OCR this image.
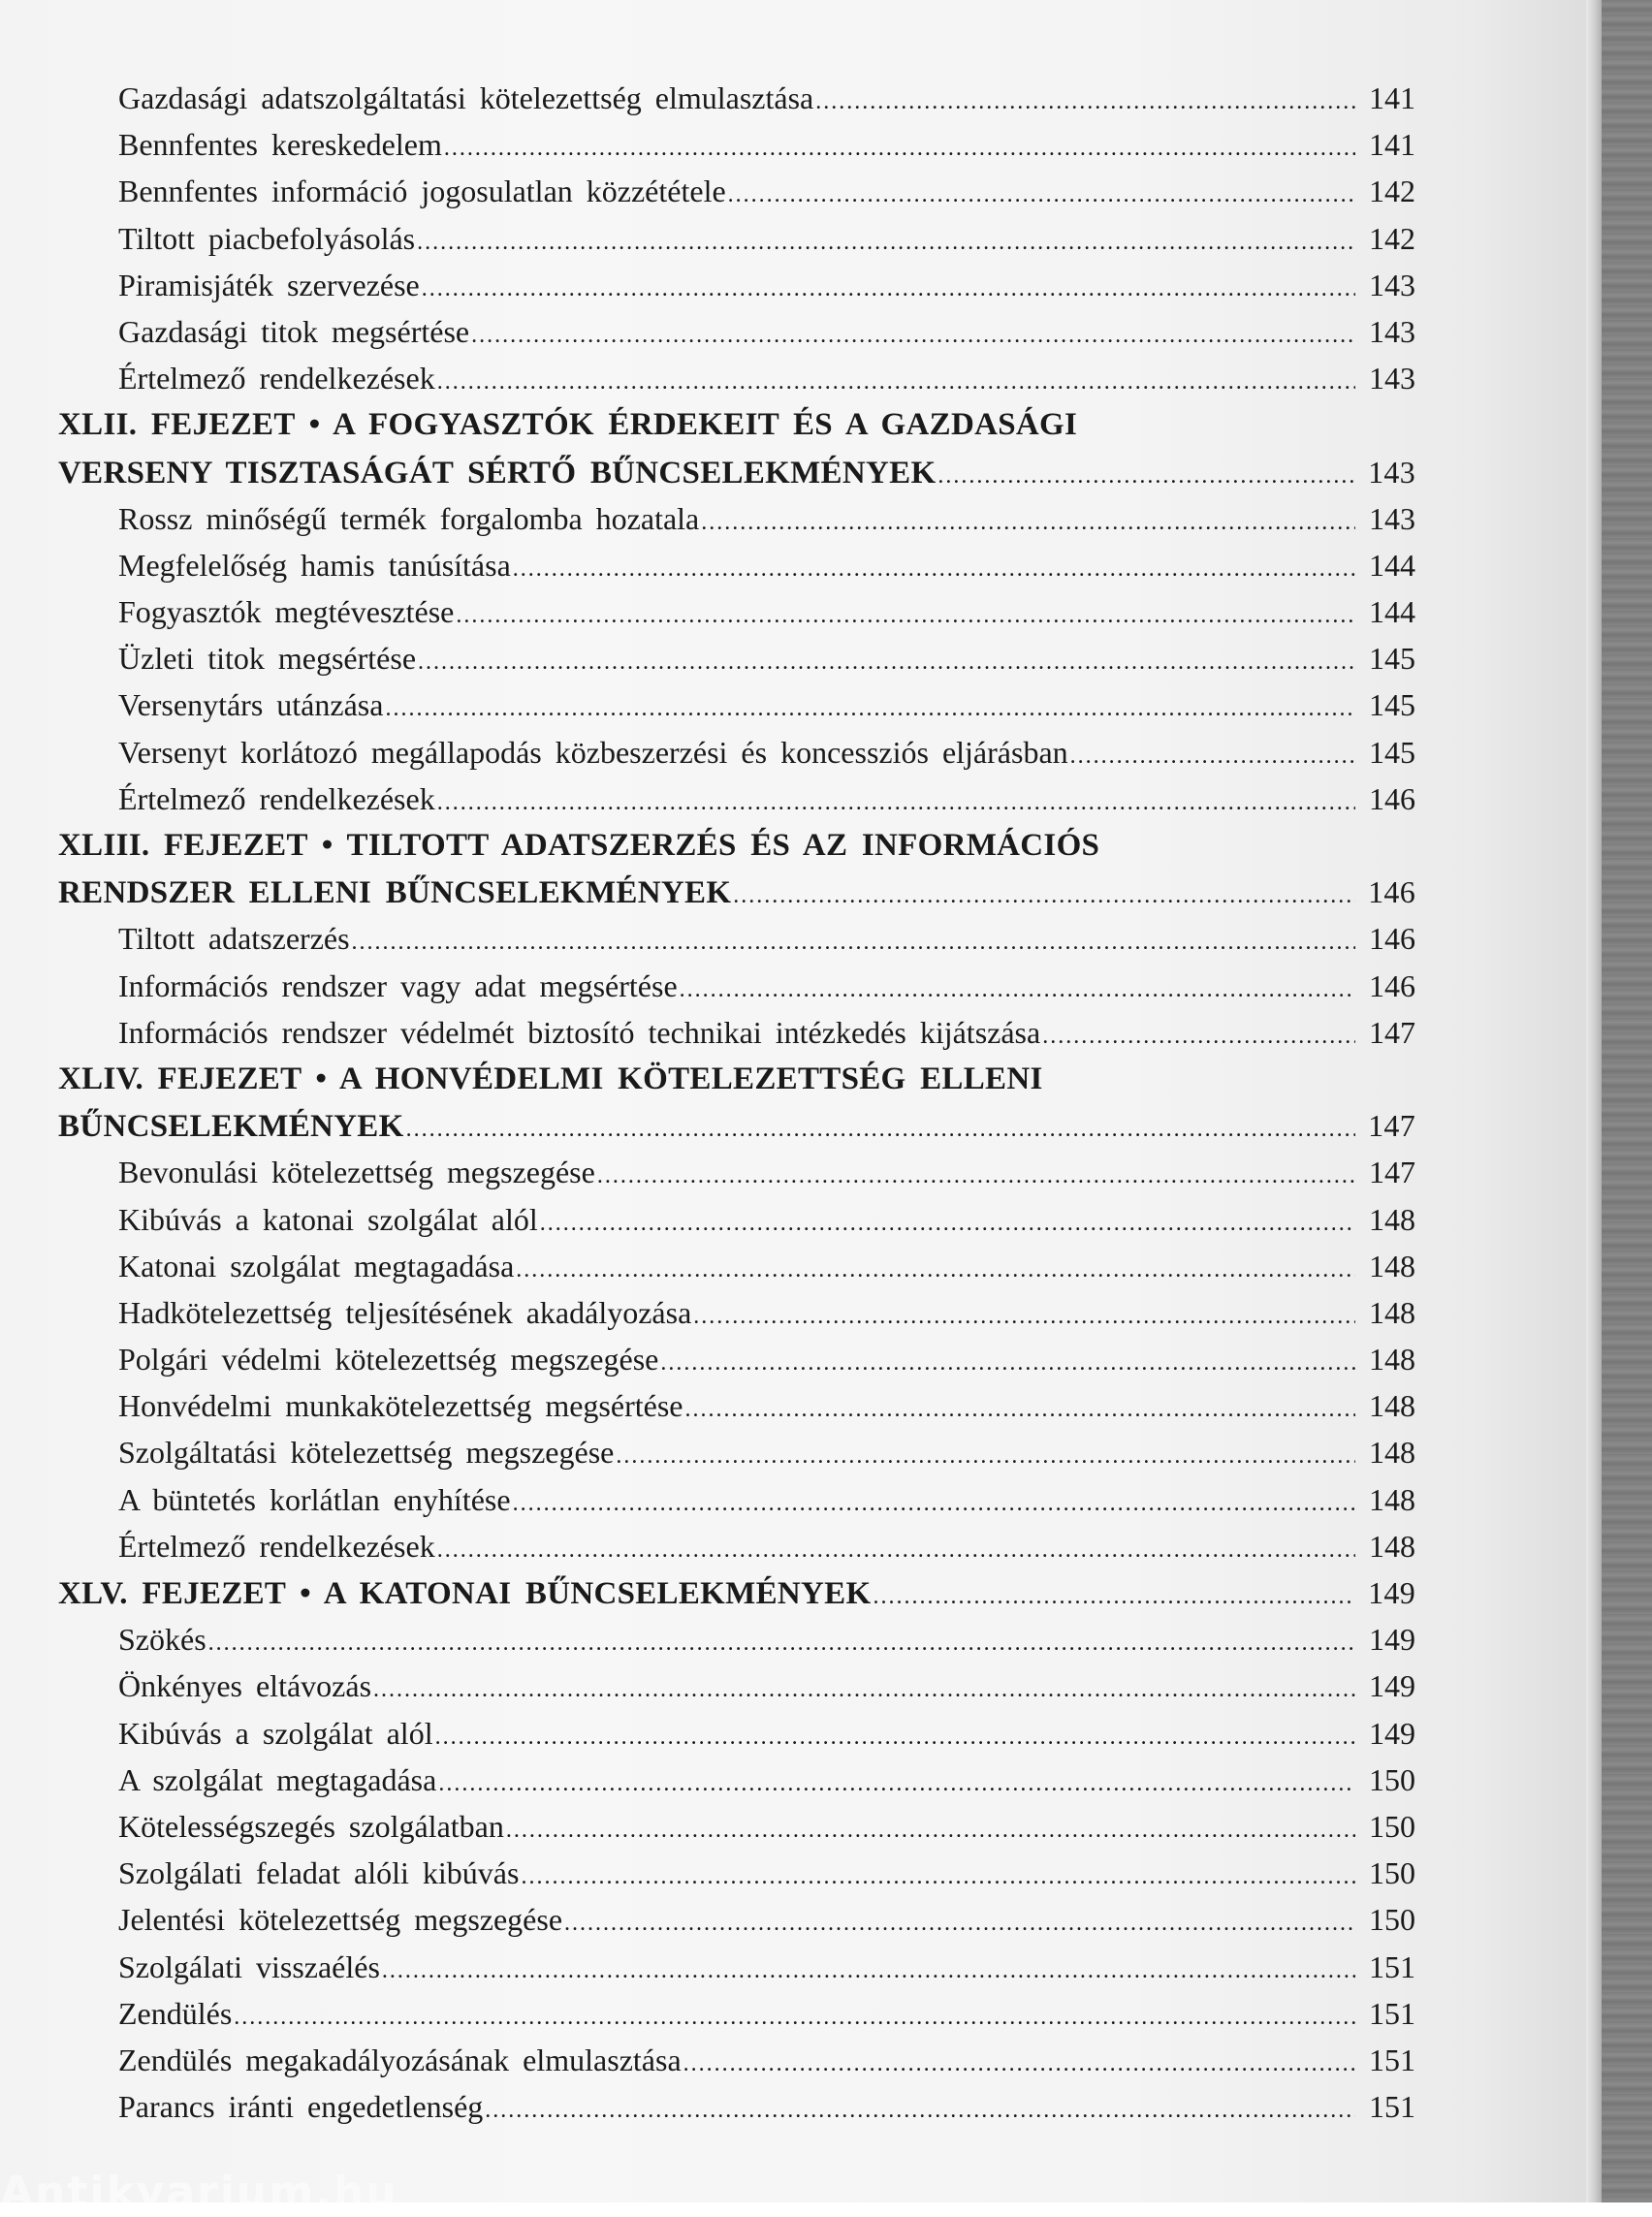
Gazdasági adatszolgáltatási kötelezettség elmulasztása .....	141
Bennfentes kereskedelem .....	141
Bennfentes információ jogosulatlan közzététele .....	142
Tiltott piacbefolyásolás .....	142
Piramisjáték szervezése .....	143
Gazdasági titok megsértése .....	143
Értelmező rendelkezések .....	143
XLII. FEJEZET • A FOGYASZTÓK ÉRDEKEIT ÉS A GAZDASÁGI
VERSENY TISZTASÁGÁT SÉRTŐ BŰNCSELEKMÉNYEK .....	143
Rossz minőségű termék forgalomba hozatala .....	143
Megfelelőség hamis tanúsítása .....	144
Fogyasztók megtévesztése .....	144
Üzleti titok megsértése .....	145
Versenytárs utánzása .....	145
Versenyt korlátozó megállapodás közbeszerzési és koncessziós eljárásban .....	145
Értelmező rendelkezések .....	146
XLIII. FEJEZET • TILTOTT ADATSZERZÉS ÉS AZ INFORMÁCIÓS
RENDSZER ELLENI BŰNCSELEKMÉNYEK .....	146
Tiltott adatszerzés .....	146
Információs rendszer vagy adat megsértése .....	146
Információs rendszer védelmét biztosító technikai intézkedés kijátszása .....	147
XLIV. FEJEZET • A HONVÉDELMI KÖTELEZETTSÉG ELLENI
BŰNCSELEKMÉNYEK .....	147
Bevonulási kötelezettség megszegése .....	147
Kibúvás a katonai szolgálat alól .....	148
Katonai szolgálat megtagadása .....	148
Hadkötelezettség teljesítésének akadályozása .....	148
Polgári védelmi kötelezettség megszegése .....	148
Honvédelmi munkakötelezettség megsértése .....	148
Szolgáltatási kötelezettség megszegése .....	148
A büntetés korlátlan enyhítése .....	148
Értelmező rendelkezések .....	148
XLV. FEJEZET • A KATONAI BŰNCSELEKMÉNYEK .....	149
Szökés .....	149
Önkényes eltávozás .....	149
Kibúvás a szolgálat alól .....	149
A szolgálat megtagadása .....	150
Kötelességszegés szolgálatban .....	150
Szolgálati feladat alóli kibúvás .....	150
Jelentési kötelezettség megszegése .....	150
Szolgálati visszaélés .....	151
Zendülés .....	151
Zendülés megakadályozásának elmulasztása .....	151
Parancs iránti engedetlenség .....	151
Antikvarium.hu
